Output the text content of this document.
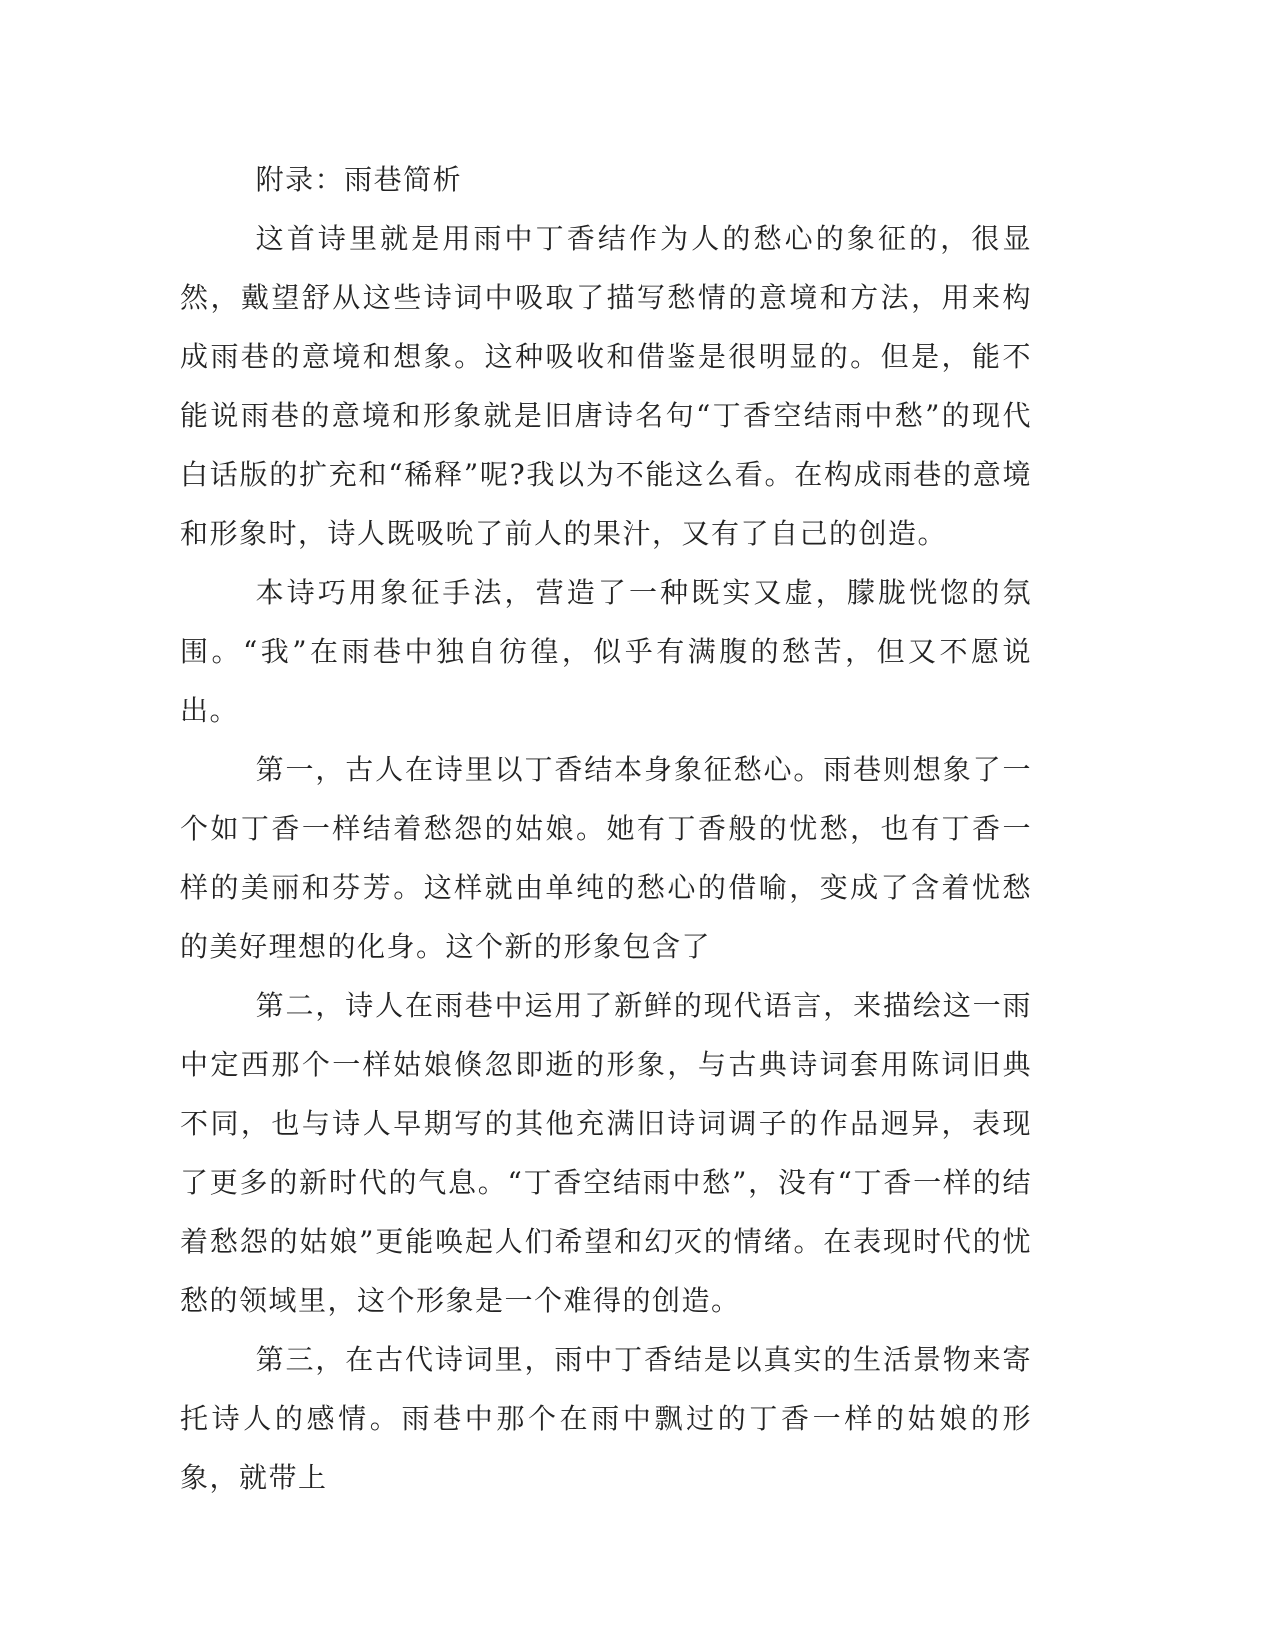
附录：雨巷简析

这首诗里就是用雨中丁香结作为人的愁心的象征的，很显然，戴望舒从这些诗词中吸取了描写愁情的意境和方法，用来构成雨巷的意境和想象。这种吸收和借鉴是很明显的。但是，能不能说雨巷的意境和形象就是旧唐诗名句“丁香空结雨中愁”的现代白话版的扩充和“稀释”呢?我以为不能这么看。在构成雨巷的意境和形象时，诗人既吸吮了前人的果汁，又有了自己的创造。

本诗巧用象征手法，营造了一种既实又虚，朦胧恍惚的氛围。“我”在雨巷中独自彷徨，似乎有满腹的愁苦，但又不愿说出。

第一，古人在诗里以丁香结本身象征愁心。雨巷则想象了一个如丁香一样结着愁怨的姑娘。她有丁香般的忧愁，也有丁香一样的美丽和芬芳。这样就由单纯的愁心的借喻，变成了含着忧愁的美好理想的化身。这个新的形象包含了

第二，诗人在雨巷中运用了新鲜的现代语言，来描绘这一雨中定西那个一样姑娘倏忽即逝的形象，与古典诗词套用陈词旧典不同，也与诗人早期写的其他充满旧诗词调子的作品迥异，表现了更多的新时代的气息。“丁香空结雨中愁”，没有“丁香一样的结着愁怨的姑娘”更能唤起人们希望和幻灭的情绪。在表现时代的忧愁的领域里，这个形象是一个难得的创造。

第三，在古代诗词里，雨中丁香结是以真实的生活景物来寄托诗人的感情。雨巷中那个在雨中飘过的丁香一样的姑娘的形象，就带上
